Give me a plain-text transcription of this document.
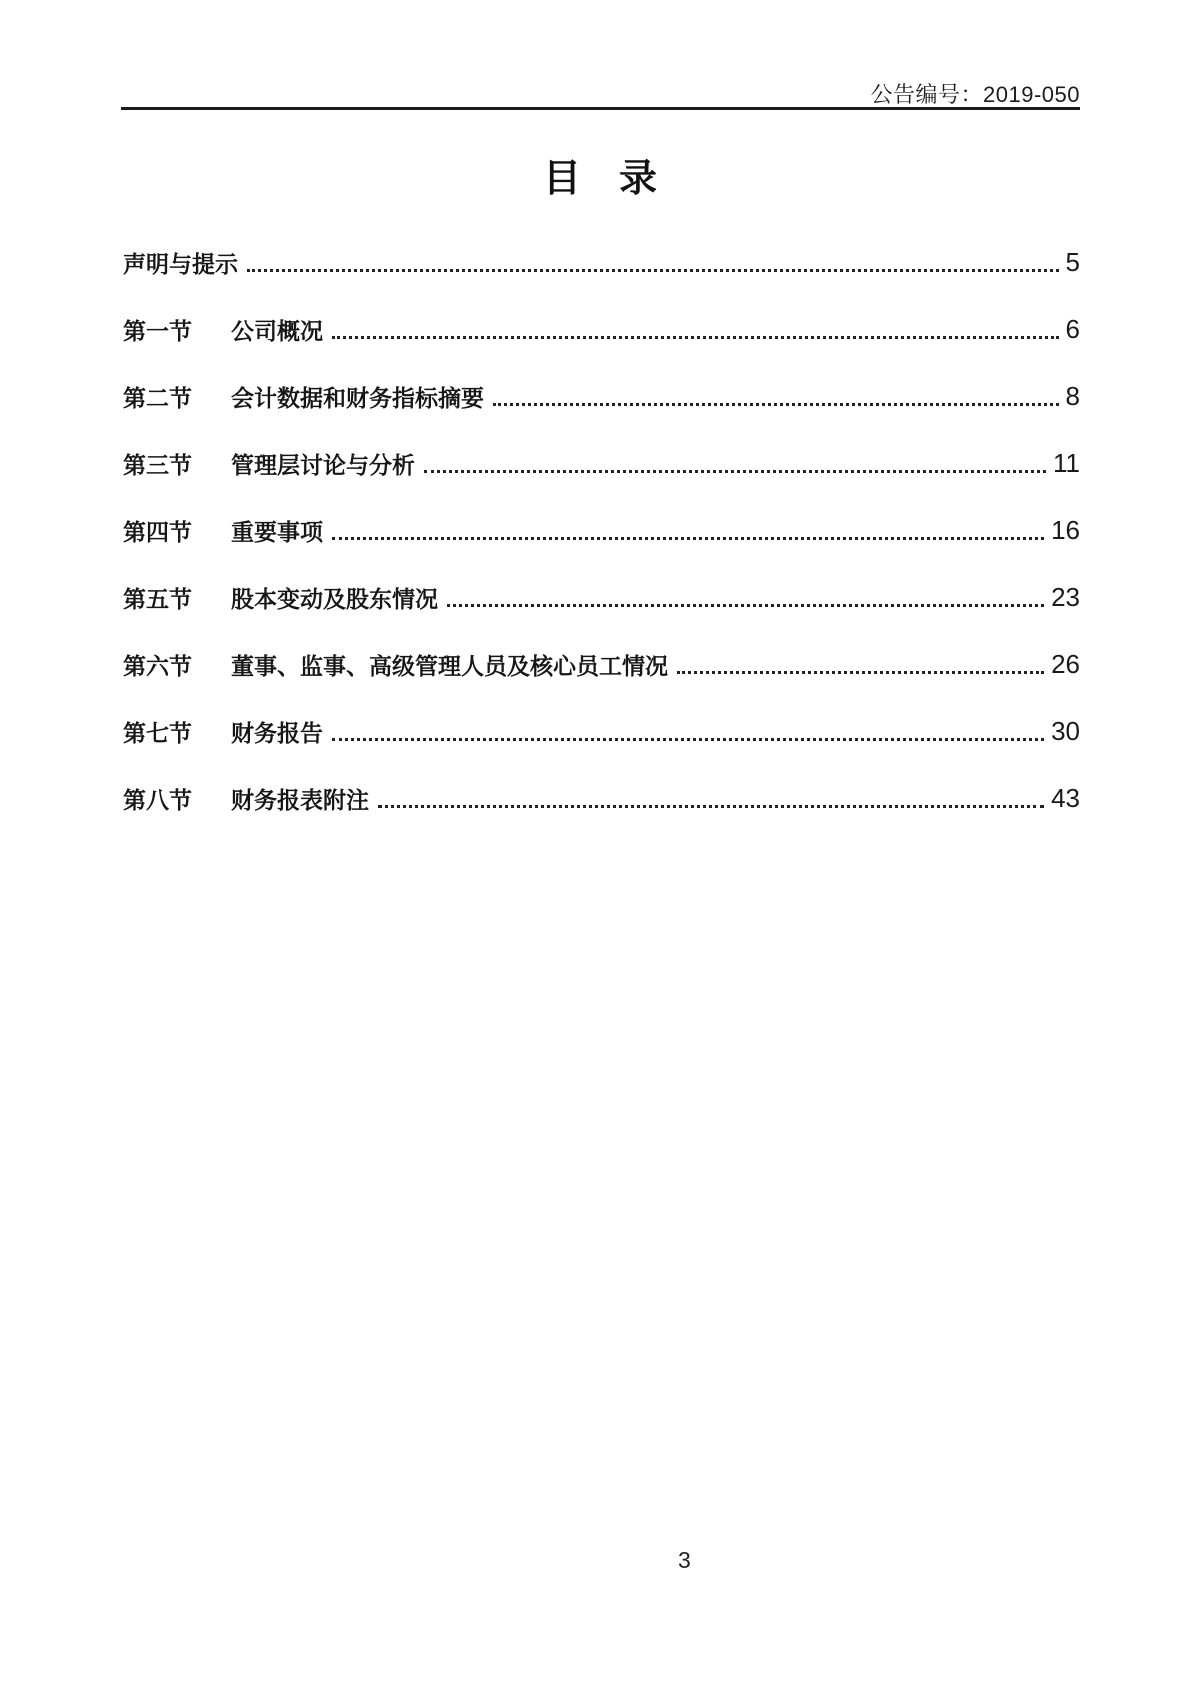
公告编号：2019-050
目　录
声明与提示	5
第一节	公司概况	6
第二节	会计数据和财务指标摘要	8
第三节	管理层讨论与分析	11
第四节	重要事项	16
第五节	股本变动及股东情况	23
第六节	董事、监事、高级管理人员及核心员工情况	26
第七节	财务报告	30
第八节	财务报表附注	43
3
